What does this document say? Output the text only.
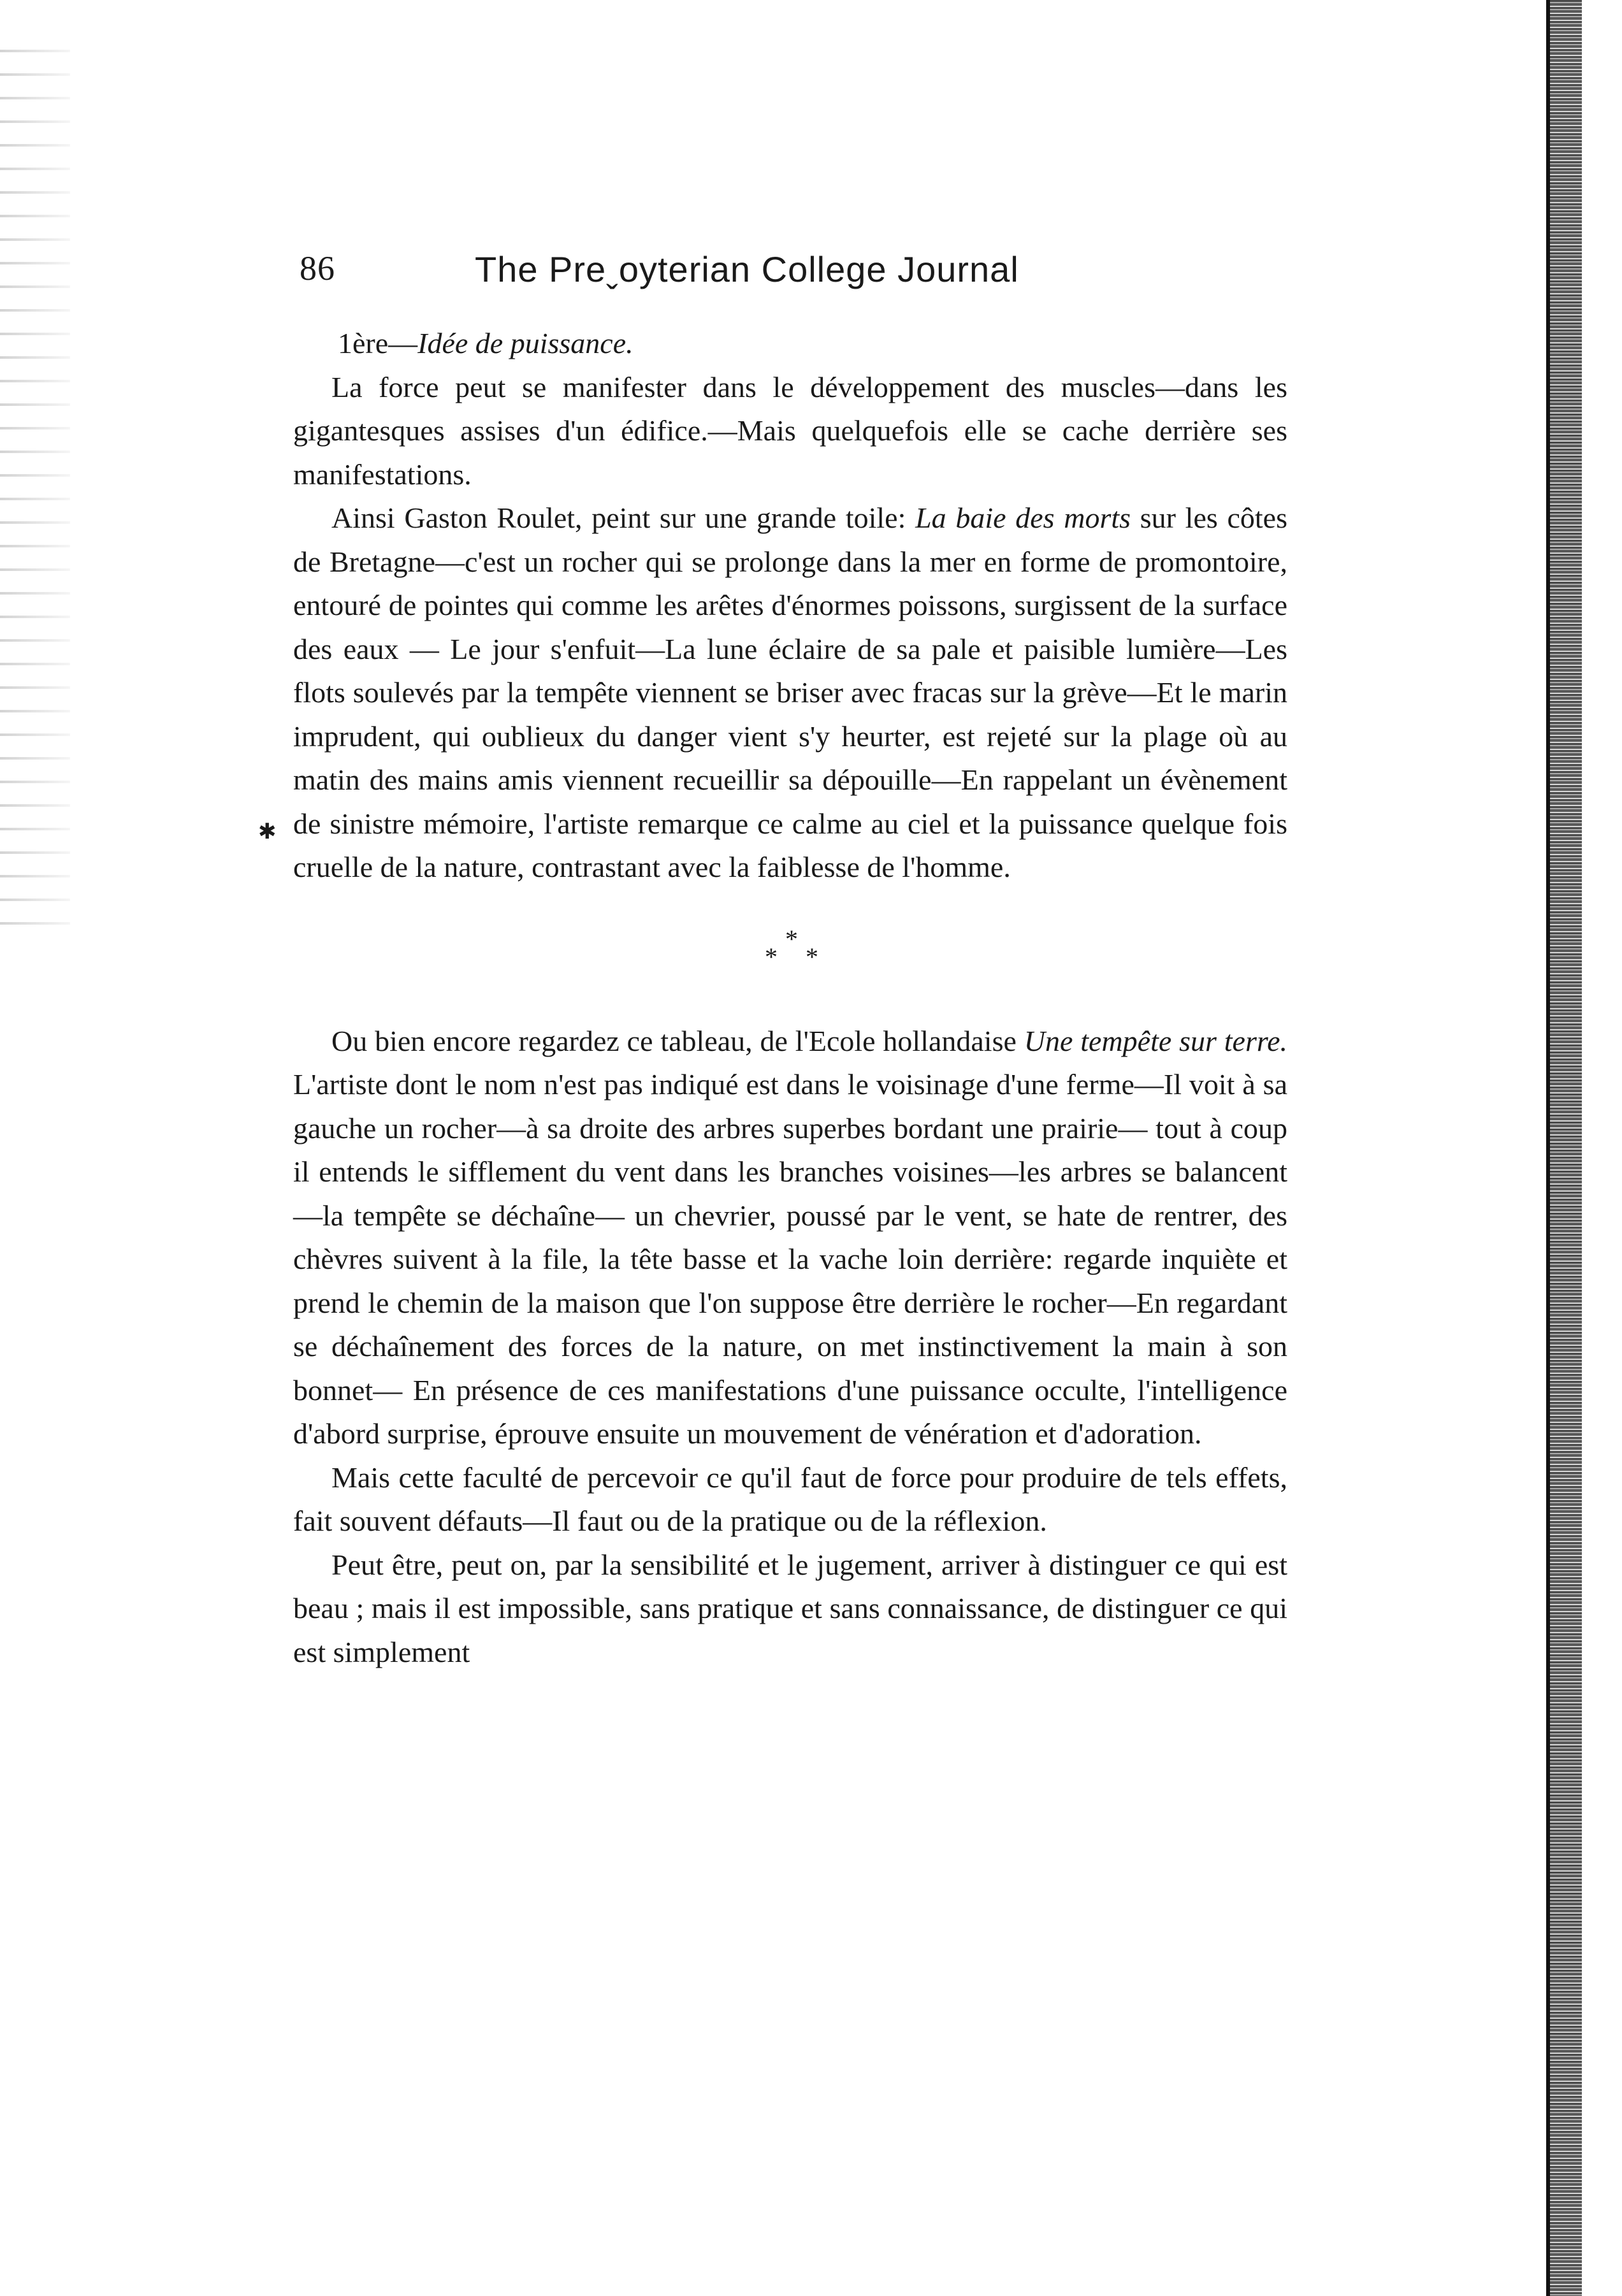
86	The Preˬoyterian College Journal
✱

1ère—Idée de puissance.

La force peut se manifester dans le développement des muscles—dans les gigantesques assises d'un édifice.—Mais quelquefois elle se cache derrière ses manifestations.

Ainsi Gaston Roulet, peint sur une grande toile: La baie des morts sur les côtes de Bretagne—c'est un rocher qui se prolonge dans la mer en forme de promontoire, entouré de pointes qui comme les arêtes d'énormes poissons, surgissent de la surface des eaux — Le jour s'enfuit—La lune éclaire de sa pale et paisible lumière—Les flots soulevés par la tempête viennent se briser avec fracas sur la grève—Et le marin imprudent, qui oublieux du danger vient s'y heurter, est rejeté sur la plage où au matin des mains amis viennent recueillir sa dépouille—En rappelant un évènement de sinistre mémoire, l'artiste remarque ce calme au ciel et la puissance quelque fois cruelle de la nature, contrastant avec la faiblesse de l'homme.

*
* *

Ou bien encore regardez ce tableau, de l'Ecole hollandaise Une tempête sur terre. L'artiste dont le nom n'est pas indiqué est dans le voisinage d'une ferme—Il voit à sa gauche un rocher—à sa droite des arbres superbes bordant une prairie— tout à coup il entends le sifflement du vent dans les branches voisines—les arbres se balancent—la tempête se déchaîne— un chevrier, poussé par le vent, se hate de rentrer, des chèvres suivent à la file, la tête basse et la vache loin derrière: regarde inquiète et prend le chemin de la maison que l'on suppose être derrière le rocher—En regardant se déchaînement des forces de la nature, on met instinctivement la main à son bonnet— En présence de ces manifestations d'une puissance occulte, l'intelligence d'abord surprise, éprouve ensuite un mouvement de vénération et d'adoration.

Mais cette faculté de percevoir ce qu'il faut de force pour produire de tels effets, fait souvent défauts—Il faut ou de la pratique ou de la réflexion.

Peut être, peut on, par la sensibilité et le jugement, arriver à distinguer ce qui est beau ; mais il est impossible, sans pratique et sans connaissance, de distinguer ce qui est simplement
